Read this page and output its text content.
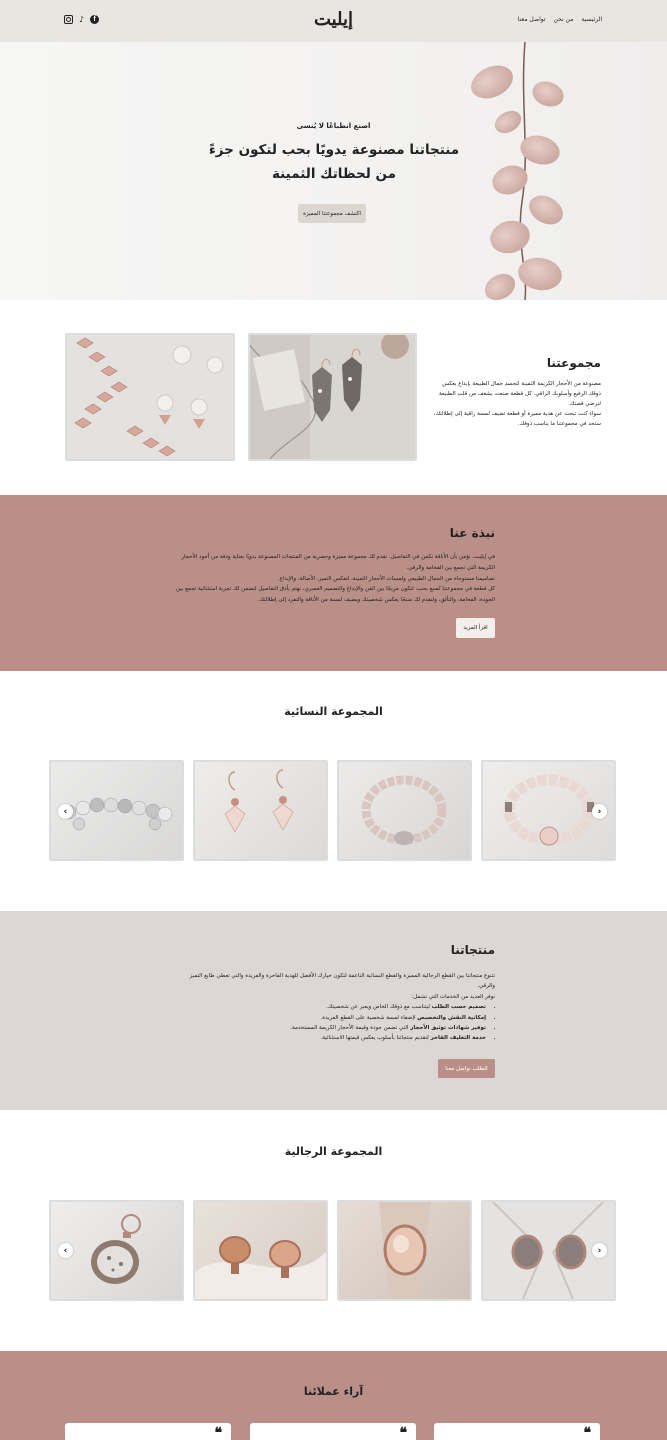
♪	f	إيليت	الرئيسية
من نحن
تواصل معنا
اصنع انطباعًا لا يُنسى
منتجاتنا مصنوعة يدويًا بحب لتكون جزءً من لحظاتك الثمينة
اكتشف مجموعتنا المميزة
مجموعتنا

مصنوعة من الأحجار الكريمة الثمينة لتجسد جمال الطبيعة بإبداع يعكس ذوقك الرفيع وأسلوبك الراقي. كل قطعة صنعت بشغف من قلب الطبيعة لترضي قصتك.

سواء كنت تبحث عن هدية مميزة أو قطعة تضيف لمسة راقية إلى إطلالتك، ستجد في مجموعتنا ما يناسب ذوقك.

نبذة عنا

في إيليت، نؤمن بأن الأناقة تكمن في التفاصيل. نقدم لك مجموعة مميزة وحصرية من المنتجات المصنوعة يدويًا بعناية ودقة من أجود الأحجار الكريمة التي تجمع بين الفخامة والرقي.

تصاميمنا مستوحاة من الجمال الطبيعي ولمسات الأحجار الثمينة، لتعكس التميز، الأصالة، والإبداع.

كل قطعة في مجموعتنا تُصنع بحب، لتكون مزيجًا بين الفن والإبداع والتصميم العصري، نهتم بأدق التفاصيل لنضمن لك تجربة استثنائية تجمع بين الجودة، الفخامة، والتألق، ولنقدم لك منتجًا يعكس شخصيتك ويضيف لمسة من الأناقة والتفرد إلى إطلالتك.

اقرأ المزيد
المجموعة النسائية
‹	›
منتجاتنا

تتنوع منتجاتنا بين القطع الرجالية المميزة والقطع النسائية الناعمة لتكون خيارك الأفضل للهدية الفاخرة والفريدة والتي تعطي طابع التميز والرقي.

نوفر العديد من الخدمات التي تشمل:

• تصميم حسب الطلب ليتناسب مع ذوقك الخاص ويعبر عن شخصيتك.
• إمكانية النقش والتخصيص لإضفاء لمسة شخصية على القطع الفريدة.
• توفير شهادات توثيق الأحجار التي تضمن جودة وقيمة الأحجار الكريمة المستخدمة.
• خدمة التغليف الفاخر لتقديم منتجاتنا بأسلوب يعكس قيمتها الاستثنائية.
للطلب تواصل معنا
المجموعة الرجالية
‹	›
آراء عملائنا
❝	❝	❝
